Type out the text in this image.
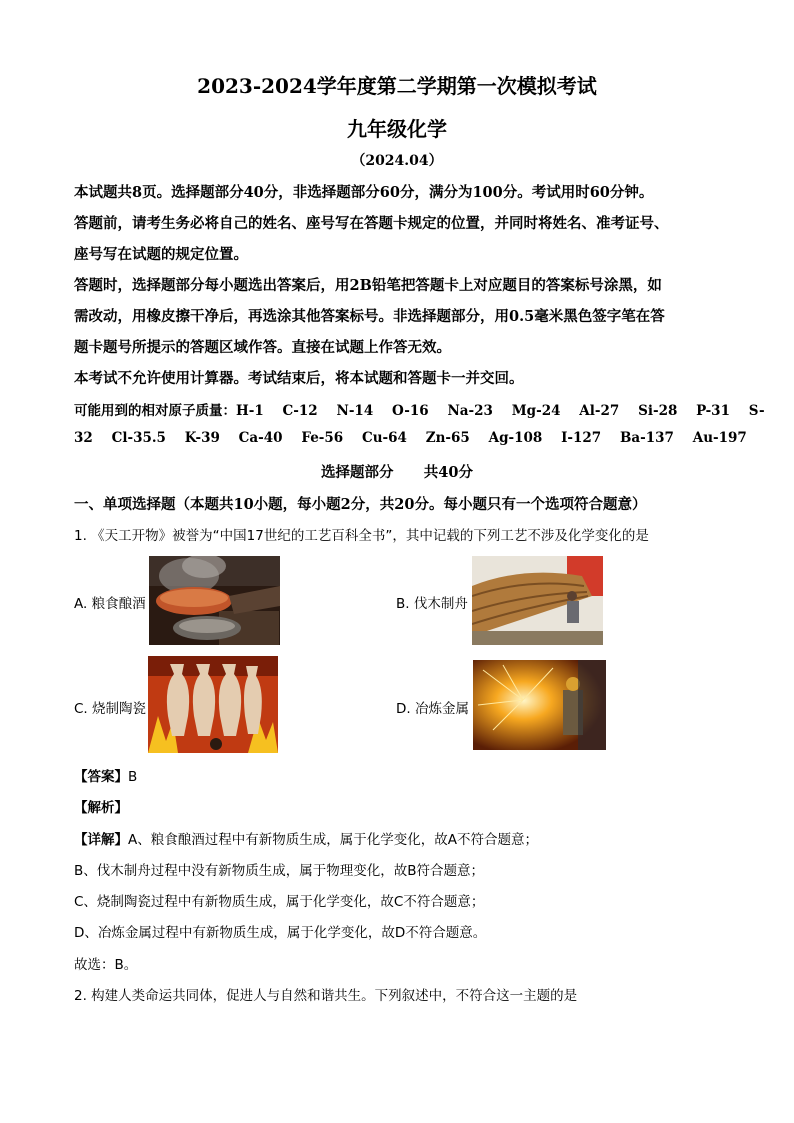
2023-2024学年度第二学期第一次模拟考试
九年级化学
（2024.04）
本试题共8页。选择题部分40分，非选择题部分60分，满分为100分。考试用时60分钟。
答题前，请考生务必将自己的姓名、座号写在答题卡规定的位置，并同时将姓名、准考证号、
座号写在试题的规定位置。
答题时，选择题部分每小题选出答案后，用2B铅笔把答题卡上对应题目的答案标号涂黑，如
需改动，用橡皮擦干净后，再选涂其他答案标号。非选择题部分，用0.5毫米黑色签字笔在答
题卡题号所提示的答题区域作答。直接在试题上作答无效。
本考试不允许使用计算器。考试结束后，将本试题和答题卡一并交回。
可能用到的相对原子质量：H-1    C-12    N-14    O-16    Na-23    Mg-24    Al-27    Si-28    P-31    S-
32    Cl-35.5    K-39    Ca-40    Fe-56    Cu-64    Zn-65    Ag-108    I-127    Ba-137    Au-197
选择题部分      共40分
一、单项选择题（本题共10小题，每小题2分，共20分。每小题只有一个选项符合题意）
1. 《天工开物》被誉为“中国17世纪的工艺百科全书”，其中记载的下列工艺不涉及化学变化的是
A. 粮食酿酒	B. 伐木制舟
C. 烧制陶瓷	D. 冶炼金属
【答案】B
【解析】
【详解】A、粮食酿酒过程中有新物质生成，属于化学变化，故A不符合题意；
B、伐木制舟过程中没有新物质生成，属于物理变化，故B符合题意；
C、烧制陶瓷过程中有新物质生成，属于化学变化，故C不符合题意；
D、冶炼金属过程中有新物质生成，属于化学变化，故D不符合题意。
故选：B。
2. 构建人类命运共同体，促进人与自然和谐共生。下列叙述中，不符合这一主题的是
